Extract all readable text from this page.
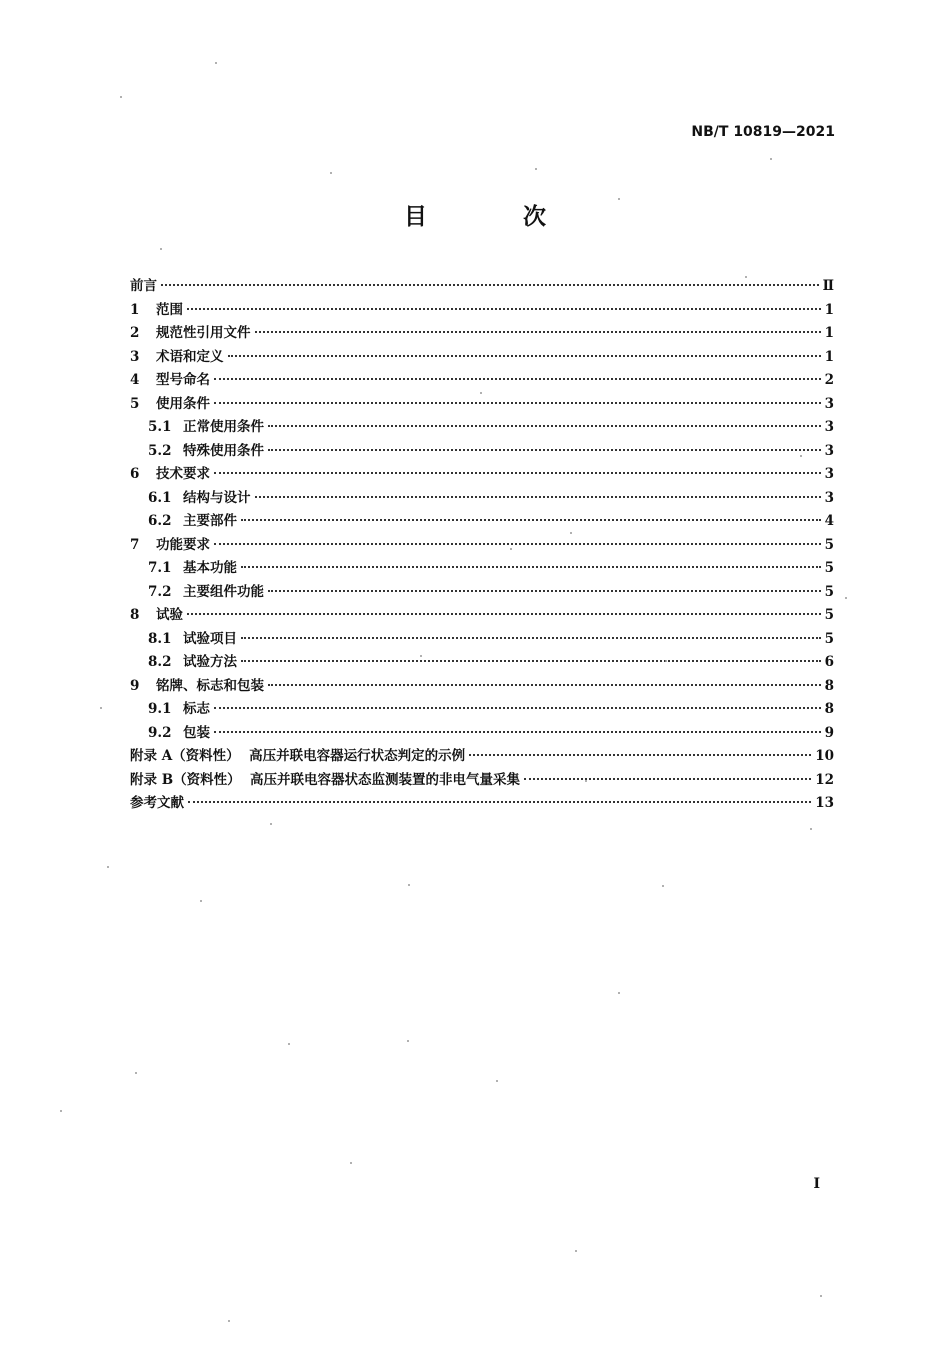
NB/T 10819—2021
目 次
前言	Ⅱ
1	范围	1
2	规范性引用文件	1
3	术语和定义	1
4	型号命名	2
5	使用条件	3
5.1 正常使用条件	3
5.2 特殊使用条件	3
6	技术要求	3
6.1 结构与设计	3
6.2 主要部件	4
7	功能要求	5
7.1 基本功能	5
7.2 主要组件功能	5
8	试验	5
8.1 试验项目	5
8.2 试验方法	6
9	铭牌、标志和包装	8
9.1 标志	8
9.2 包装	9
附录 A（资料性）  高压并联电容器运行状态判定的示例	10
附录 B（资料性）  高压并联电容器状态监测装置的非电气量采集	12
参考文献	13
I
